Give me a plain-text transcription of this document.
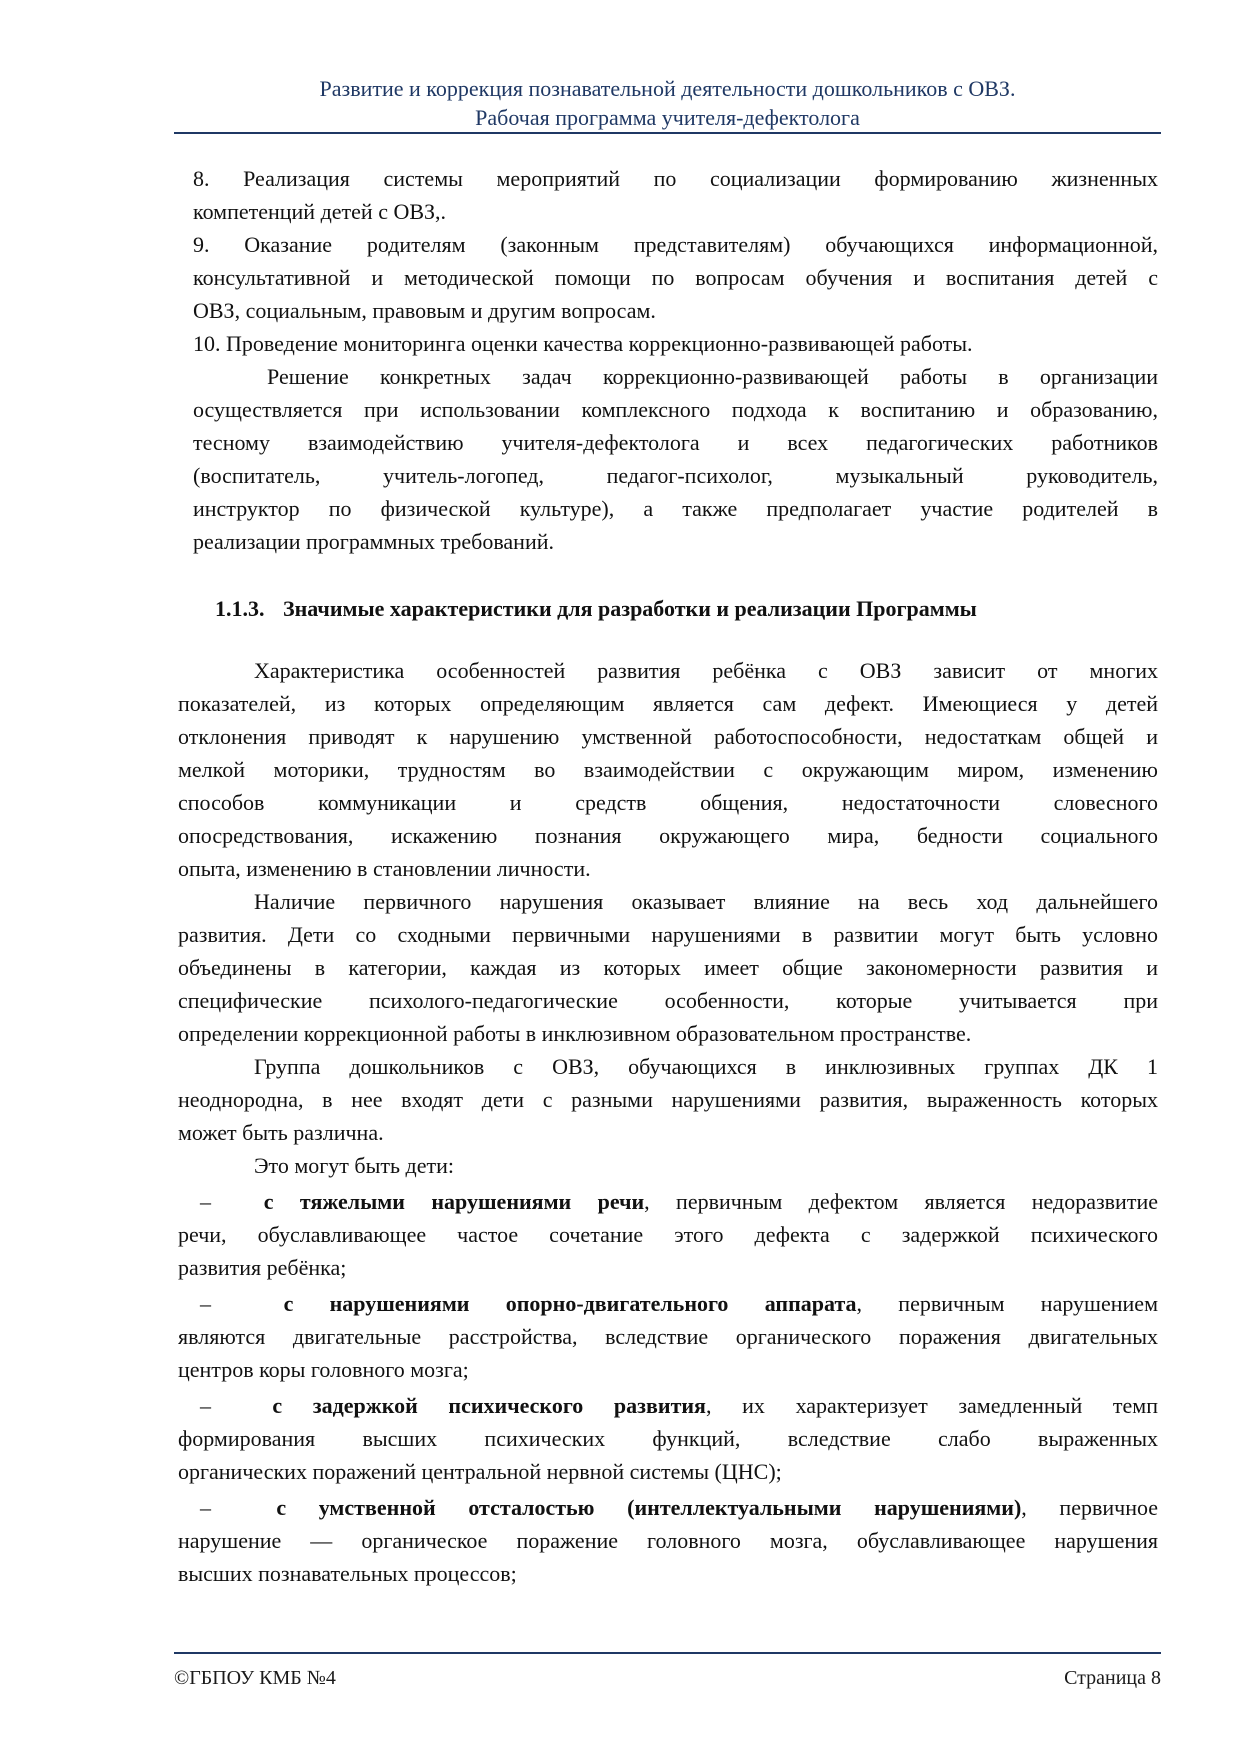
Развитие и коррекция познавательной деятельности дошкольников с ОВЗ.
Рабочая программа учителя-дефектолога
8. Реализация системы мероприятий по социализации формированию жизненных
компетенций детей с ОВЗ,.
9. Оказание родителям (законным представителям) обучающихся информационной,
консультативной и методической помощи по вопросам обучения и воспитания детей с
ОВЗ, социальным, правовым и другим вопросам.
10. Проведение мониторинга оценки качества коррекционно-развивающей работы.
Решение конкретных задач коррекционно-развивающей работы в организации
осуществляется при использовании комплексного подхода к воспитанию и образованию,
тесному взаимодействию учителя-дефектолога и всех педагогических работников
(воспитатель, учитель-логопед, педагог-психолог, музыкальный руководитель,
инструктор по физической культуре), а также предполагает участие родителей в
реализации программных требований.
1.1.3. Значимые характеристики для разработки и реализации Программы
Характеристика особенностей развития ребёнка с ОВЗ зависит от многих
показателей, из которых определяющим является сам дефект. Имеющиеся у детей
отклонения приводят к нарушению умственной работоспособности, недостаткам общей и
мелкой моторики, трудностям во взаимодействии с окружающим миром, изменению
способов коммуникации и средств общения, недостаточности словесного
опосредствования, искажению познания окружающего мира, бедности социального
опыта, изменению в становлении личности.
Наличие первичного нарушения оказывает влияние на весь ход дальнейшего
развития. Дети со сходными первичными нарушениями в развитии могут быть условно
объединены в категории, каждая из которых имеет общие закономерности развития и
специфические психолого-педагогические особенности, которые учитывается при
определении коррекционной работы в инклюзивном образовательном пространстве.
Группа дошкольников с ОВЗ, обучающихся в инклюзивных группах ДК 1
неоднородна, в нее входят дети с разными нарушениями развития, выраженность которых
может быть различна.
Это могут быть дети:
– с тяжелыми нарушениями речи, первичным дефектом является недоразвитие
речи, обуславливающее частое сочетание этого дефекта с задержкой психического
развития ребёнка;
–	с нарушениями опорно-двигательного аппарата, первичным нарушением
являются двигательные расстройства, вследствие органического поражения двигательных
центров коры головного мозга;
–	с задержкой психического развития, их характеризует замедленный темп
формирования высших психических функций, вследствие слабо выраженных
органических поражений центральной нервной системы (ЦНС);
–	с умственной отсталостью (интеллектуальными нарушениями), первичное
нарушение — органическое поражение головного мозга, обуславливающее нарушения
высших познавательных процессов;
©ГБПОУ КМБ №4	Страница 8
